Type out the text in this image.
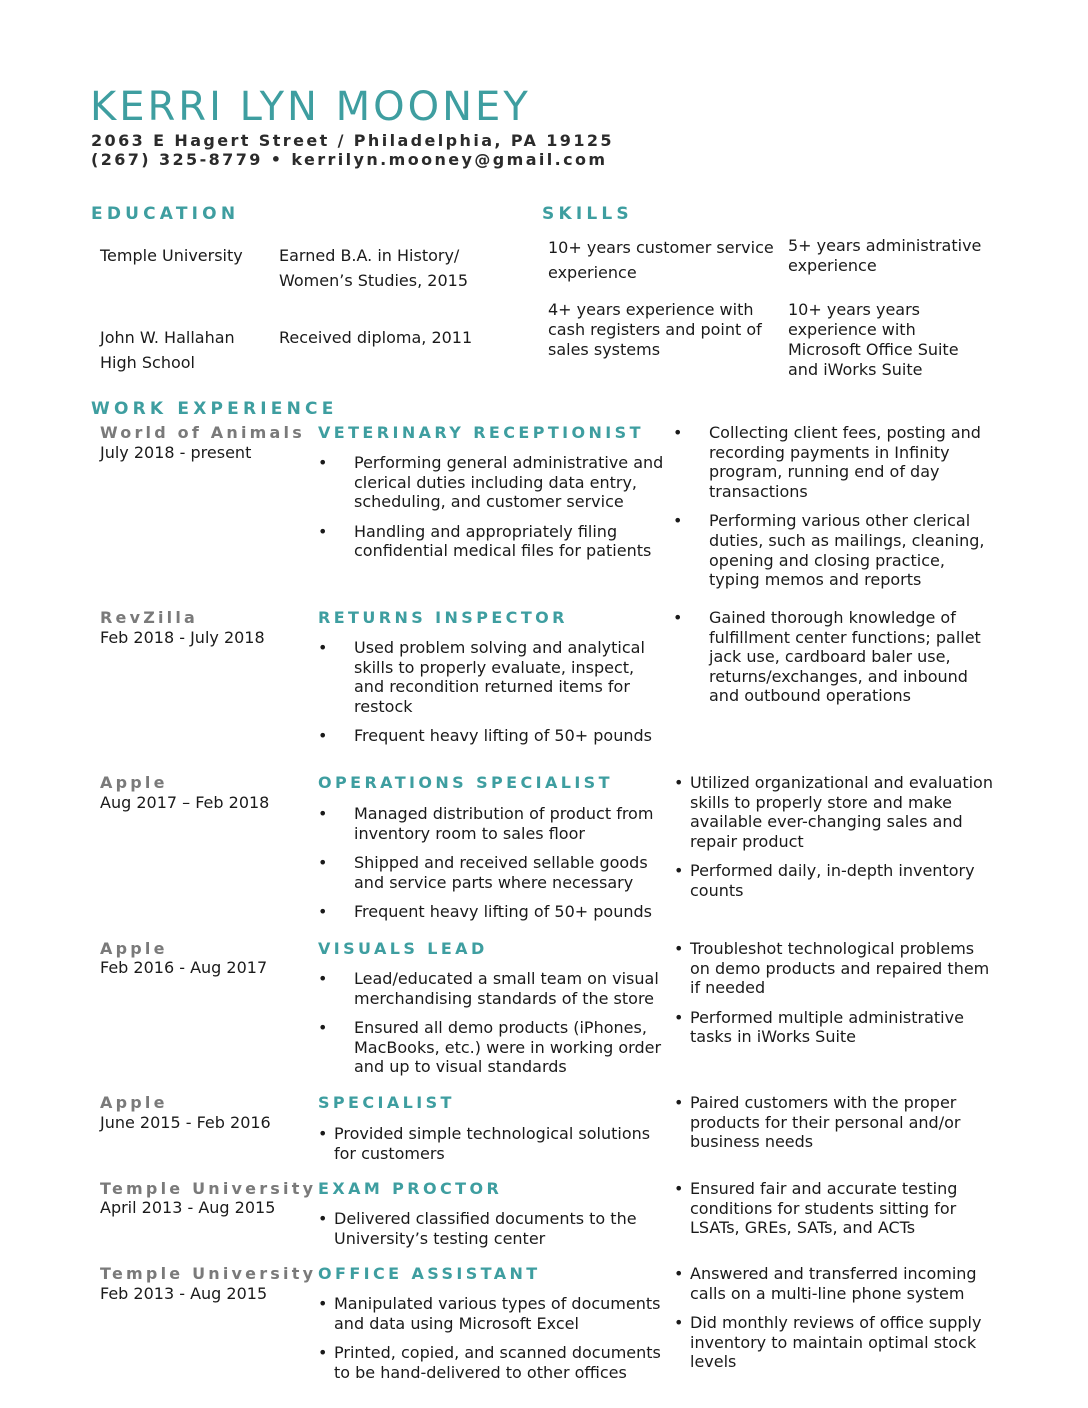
KERRI LYN MOONEY
2063 E Hagert Street / Philadelphia, PA 19125
(267) 325-8779 • kerrilyn.mooney@gmail.com
EDUCATION
Temple University Earned B.A. in History/
Women’s Studies, 2015
John W. Hallahan
High School
Received diploma, 2011
SKILLS
10+ years customer service
experience
5+ years administrative
experience
4+ years experience with
cash registers and point of
sales systems
10+ years years
experience with
Microsoft Office Suite
and iWorks Suite
WORK EXPERIENCE
World of Animals
July 2018 - present
VETERINARY RECEPTIONIST
• Performing general administrative and clerical duties including data entry, scheduling, and customer service
• Handling and appropriately filing confidential medical files for patients
• Collecting client fees, posting and recording payments in Infinity program, running end of day transactions
• Performing various other clerical duties, such as mailings, cleaning, opening and closing practice, typing memos and reports
RevZilla
Feb 2018 - July 2018
RETURNS INSPECTOR
• Used problem solving and analytical skills to properly evaluate, inspect, and recondition returned items for restock
• Frequent heavy lifting of 50+ pounds
• Gained thorough knowledge of fulfillment center functions; pallet jack use, cardboard baler use, returns/exchanges, and inbound and outbound operations
Apple
Aug 2017 – Feb 2018
OPERATIONS SPECIALIST
• Managed distribution of product from inventory room to sales floor
• Shipped and received sellable goods and service parts where necessary
• Frequent heavy lifting of 50+ pounds
• Utilized organizational and evaluation skills to properly store and make available ever-changing sales and repair product
• Performed daily, in-depth inventory counts
Apple
Feb 2016 - Aug 2017
VISUALS LEAD
• Lead/educated a small team on visual merchandising standards of the store
• Ensured all demo products (iPhones, MacBooks, etc.) were in working order and up to visual standards
• Troubleshot technological problems on demo products and repaired them if needed
• Performed multiple administrative tasks in iWorks Suite
Apple
June 2015 - Feb 2016
SPECIALIST
• Provided simple technological solutions for customers
• Paired customers with the proper products for their personal and/or business needs
Temple University
April 2013 - Aug 2015
EXAM PROCTOR
• Delivered classified documents to the University’s testing center
• Ensured fair and accurate testing conditions for students sitting for LSATs, GREs, SATs, and ACTs
Temple University
Feb 2013 - Aug 2015
OFFICE ASSISTANT
• Manipulated various types of documents and data using Microsoft Excel
• Printed, copied, and scanned documents to be hand-delivered to other offices
• Answered and transferred incoming calls on a multi-line phone system
• Did monthly reviews of office supply inventory to maintain optimal stock levels
